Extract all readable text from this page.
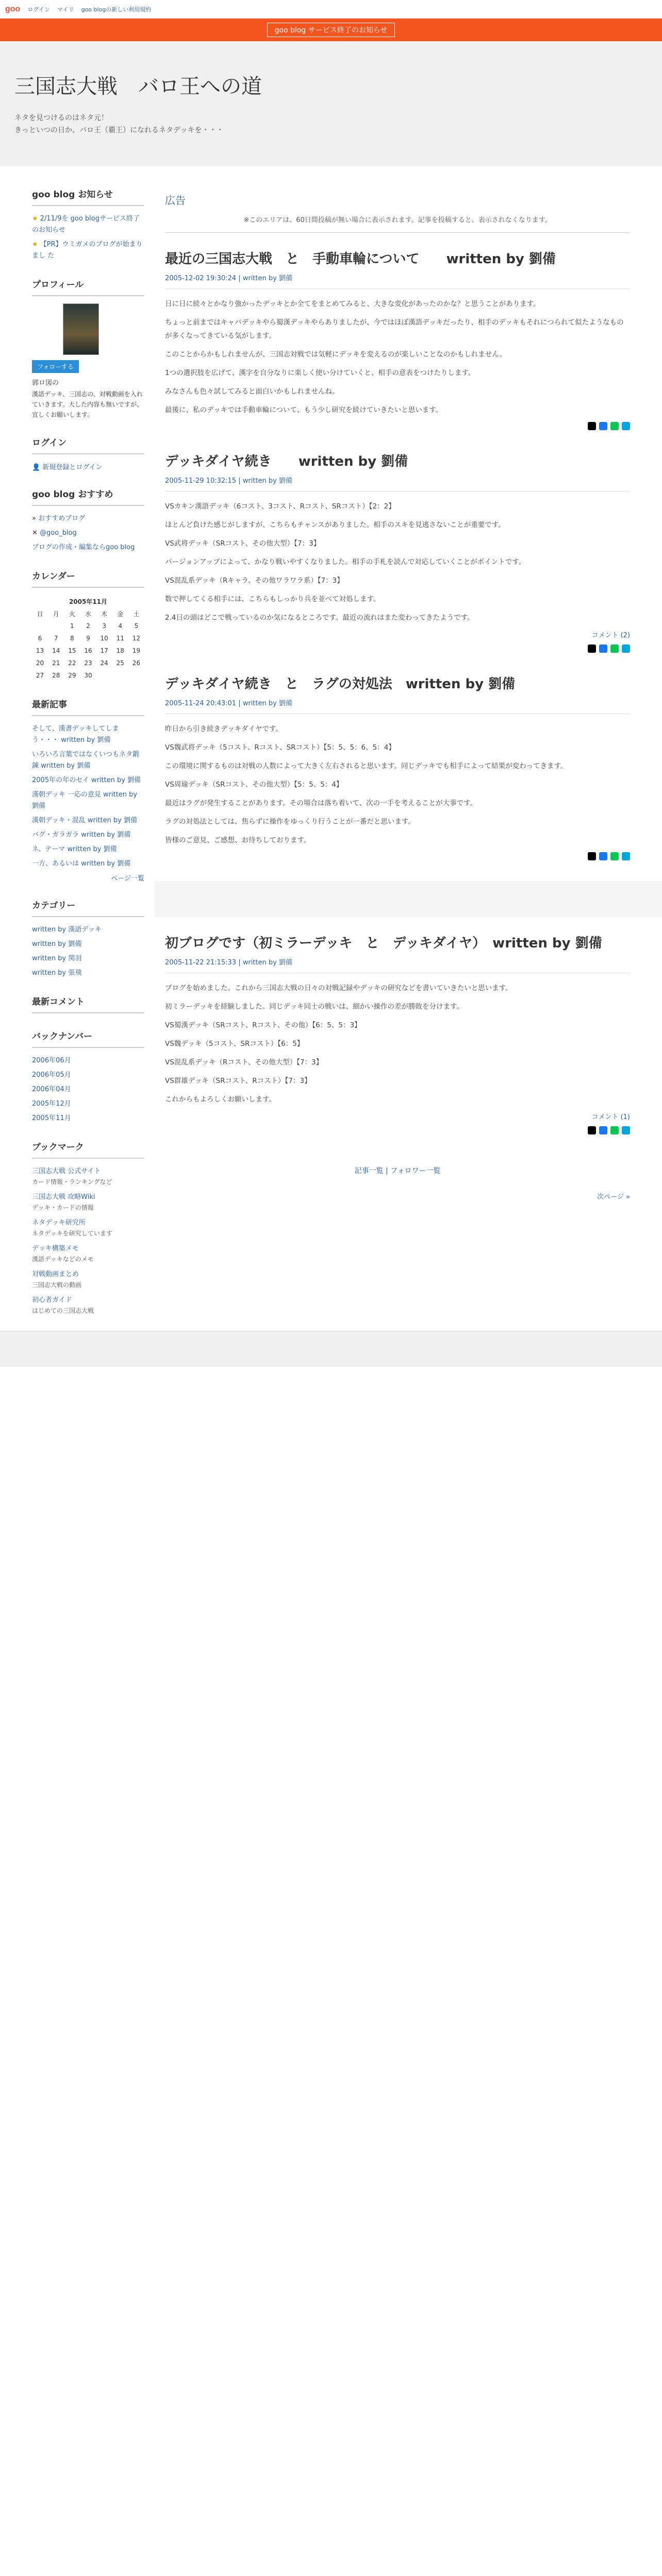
goo ログイン マイリ goo blogの新しい利用規約
goo blog サービス終了のお知らせ
三国志大戦　バロ王への道

ネタを見つけるのはネタ元！

きっといつの日か、バロ王（覇王）になれるネタデッキを・・・

goo blog お知らせ
★ 2/11/9を goo blogサービス終了のお知らせ
★ 【PR】ウミガメのブログが始まりまし た
プロフィール
フォローする
郭ロ図の
漢語デッキ、三国志の、対戦動画を入れていきます。大した内容も無いですが、宜しくお願いします。
ログイン
👤 新規登録とログイン
goo blog おすすめ
» おすすめブログ
✕ @goo_blog
ブログの作成・編集ならgoo blog
カレンダー
2005年11月						
日	月	火	水	木	金	土
		1	2	3	4	5
6	7	8	9	10	11	12
13	14	15	16	17	18	19
20	21	22	23	24	25	26
27	28	29	30			
最新記事
そして、漢書デッキしてしまう・・・ written by 劉備
いろいろ言葉ではなくいつもネタ鍛錬 written by 劉備
2005年の年のセイ written by 劉備
漢朝デッキ 一応の意見 written by 劉備
漢朝デッキ・混乱 written by 劉備
バグ・ガラガラ written by 劉備
ネ、テーマ written by 劉備
一方、あるいは written by 劉備
ページ一覧
カテゴリー
written by 漢語デッキ
written by 劉備
written by 関羽
written by 張飛
最新コメント
バックナンバー
2006年06月
2006年05月
2006年04月
2005年12月
2005年11月
ブックマーク
三国志大戦 公式サイト
カード情報・ランキングなど
三国志大戦 攻略Wiki
デッキ・カードの情報
ネタデッキ研究所
ネタデッキを研究しています
デッキ構築メモ
漢語デッキなどのメモ
対戦動画まとめ
三国志大戦の動画
初心者ガイド
はじめての三国志大戦
広告
※このエリアは、60日間投稿が無い場合に表示されます。記事を投稿すると、表示されなくなります。
最近の三国志大戦　と　手動車輪について　　written by 劉備
2005-12-02 19:30:24 | written by 劉備

日に日に続々とかなり強かったデッキとか全てをまとめてみると、大きな変化があったのかな？と思うことがあります。

ちょっと前まではキャバデッキやら蜀漢デッキやらありましたが、今ではほぼ漢語デッキだったり、相手のデッキもそれにつられて似たようなものが多くなってきている気がします。

このことからかもしれませんが、三国志対戦では気軽にデッキを変えるのが楽しいことなのかもしれません。

1つの選択肢を広げて、漢字を自分なりに楽しく使い分けていくと、相手の意表をつけたりします。

みなさんも色々試してみると面白いかもしれませんね。

最後に、私のデッキでは手動車輪について、もう少し研究を続けていきたいと思います。

デッキダイヤ続き　　written by 劉備
2005-11-29 10:32:15 | written by 劉備

VSカキン漢語デッキ（6コスト、3コスト、Rコスト、SRコスト）【2：2】

ほとんど負けた感じがしますが、こちらもチャンスがありました。相手のスキを見逃さないことが重要です。

VS武将デッキ（SRコスト、その他大型）【7：3】

バージョンアップによって、かなり戦いやすくなりました。相手の手札を読んで対応していくことがポイントです。

VS混乱系デッキ（Rキャラ、その他ワラワラ系）【7：3】

数で押してくる相手には、こちらもしっかり兵を並べて対処します。

2.4日の頭はどこで戦っているのか気になるところです。最近の流れはまた変わってきたようです。

コメント (2)
デッキダイヤ続き　と　ラグの対処法　written by 劉備
2005-11-24 20:43:01 | written by 劉備

昨日から引き続きデッキダイヤです。

VS魏武将デッキ（5コスト、Rコスト、SRコスト）【5：5、5：6、5：4】

この環境に関するものは対戦の人数によって大きく左右されると思います。同じデッキでも相手によって結果が変わってきます。

VS周瑜デッキ（SRコスト、その他大型）【5：5、5：4】

最近はラグが発生することがあります。その場合は落ち着いて、次の一手を考えることが大事です。

ラグの対処法としては、焦らずに操作をゆっくり行うことが一番だと思います。

皆様のご意見、ご感想、お待ちしております。

初ブログです（初ミラーデッキ　と　デッキダイヤ）　written by 劉備
2005-11-22 21:15:33 | written by 劉備

ブログを始めました。これから三国志大戦の日々の対戦記録やデッキの研究などを書いていきたいと思います。

初ミラーデッキを経験しました。同じデッキ同士の戦いは、細かい操作の差が勝敗を分けます。

VS蜀漢デッキ（SRコスト、Rコスト、その他）【6：5、5：3】

VS魏デッキ（5コスト、SRコスト）【6：5】

VS混乱系デッキ（Rコスト、その他大型）【7：3】

VS群雄デッキ（SRコスト、Rコスト）【7：3】

これからもよろしくお願いします。

コメント (1)
記事一覧 | フォロワー一覧
次ページ »
